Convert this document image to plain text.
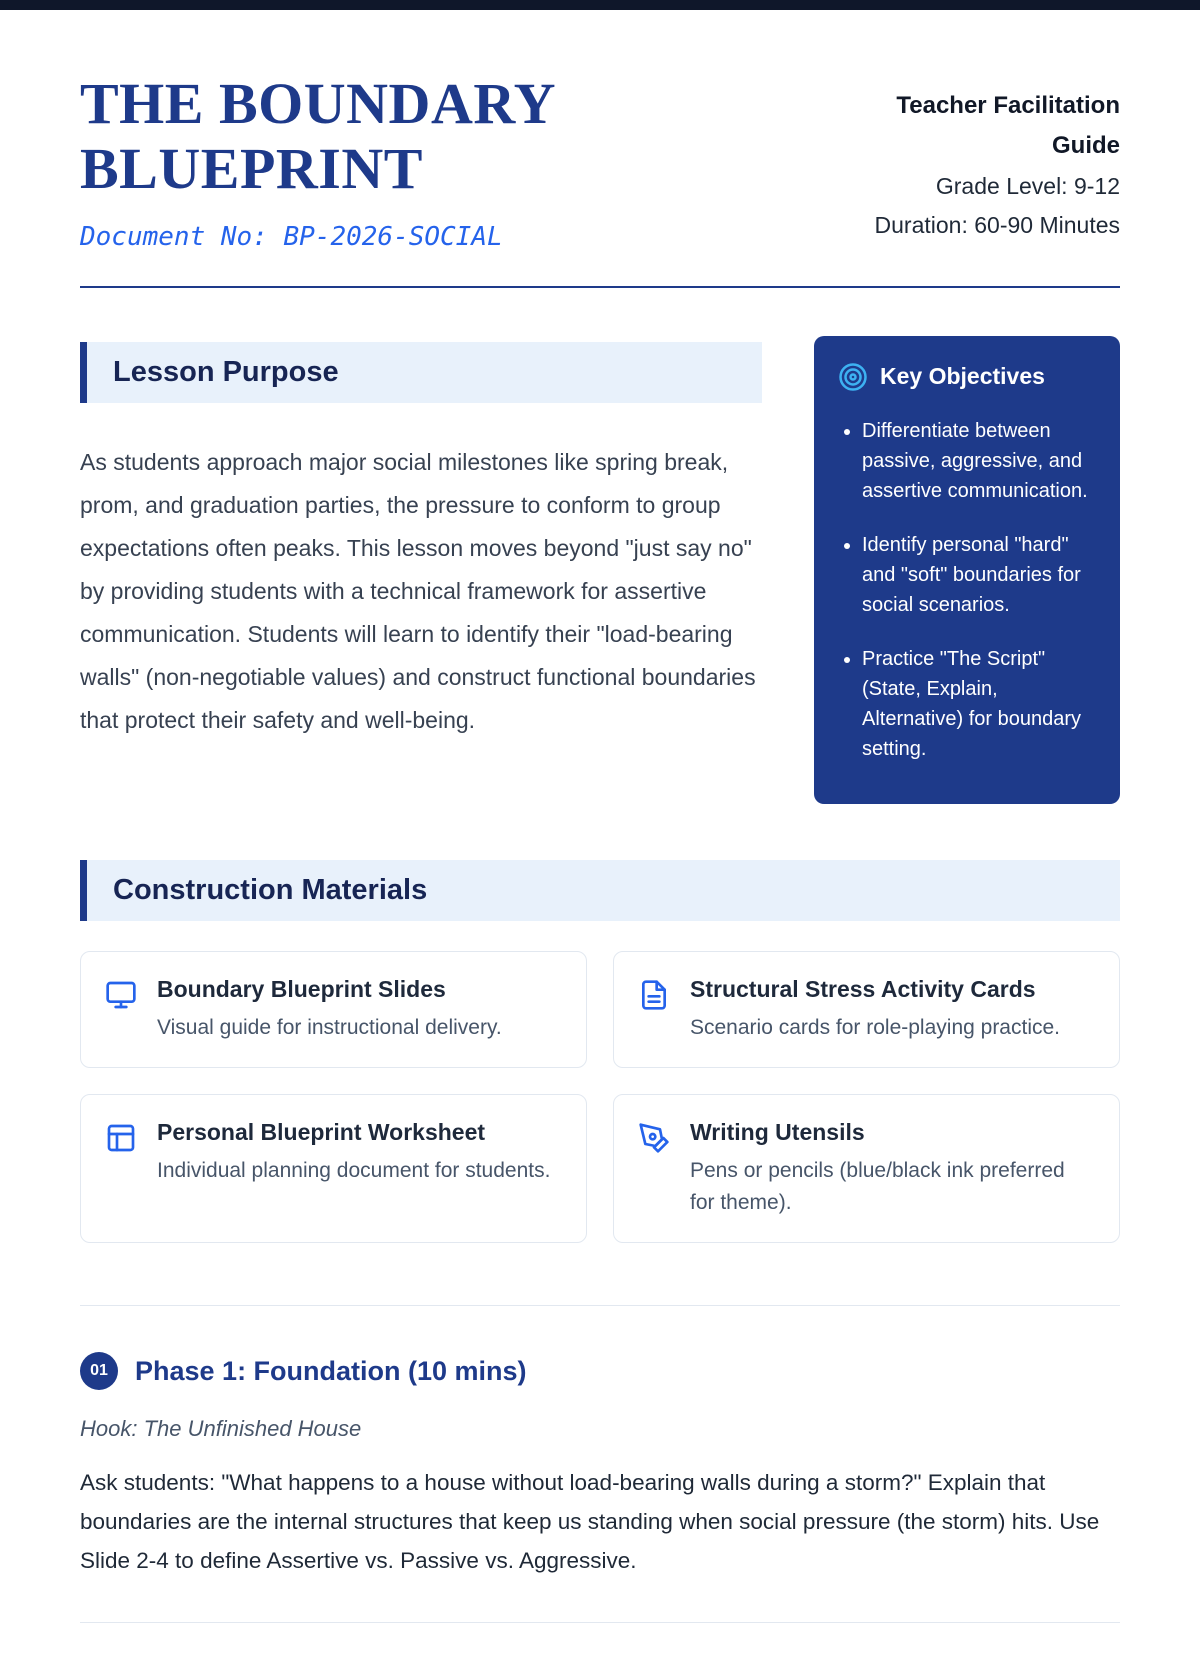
THE BOUNDARY
BLUEPRINT
Document No: BP-2026-SOCIAL
Teacher Facilitation Guide
Grade Level: 9-12
Duration: 60-90 Minutes
Lesson Purpose

As students approach major social milestones like spring break, prom, and graduation parties, the pressure to conform to group expectations often peaks. This lesson moves beyond "just say no" by providing students with a technical framework for assertive communication. Students will learn to identify their "load-bearing walls" (non-negotiable values) and construct functional boundaries that protect their safety and well-being.

Key Objectives
• Differentiate between passive, aggressive, and assertive communication.
• Identify personal "hard" and "soft" boundaries for social scenarios.
• Practice "The Script" (State, Explain, Alternative) for boundary setting.
Construction Materials
Boundary Blueprint Slides
Visual guide for instructional delivery.
Structural Stress Activity Cards
Scenario cards for role-playing practice.
Personal Blueprint Worksheet
Individual planning document for students.
Writing Utensils
Pens or pencils (blue/black ink preferred for theme).
01	Phase 1: Foundation (10 mins)
Hook: The Unfinished House

Ask students: "What happens to a house without load-bearing walls during a storm?" Explain that boundaries are the internal structures that keep us standing when social pressure (the storm) hits. Use Slide 2-4 to define Assertive vs. Passive vs. Aggressive.
